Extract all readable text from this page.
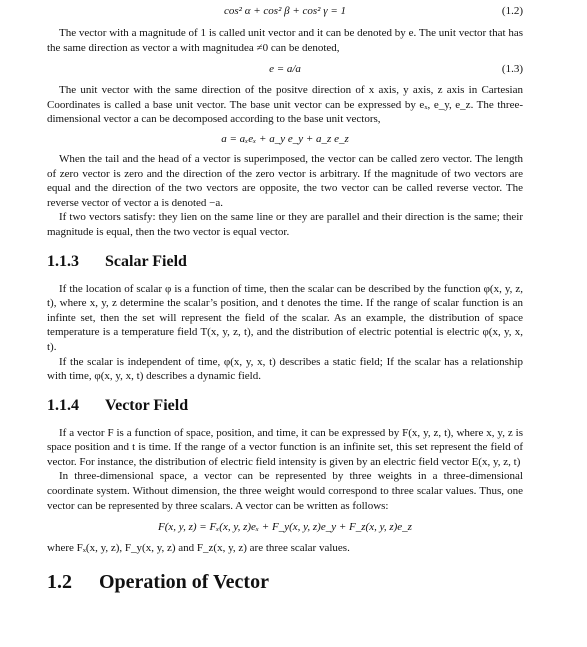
cos² α + cos² β + cos² γ = 1	(1.2)

The vector with a magnitude of 1 is called unit vector and it can be denoted by e. The unit vector that has the same direction as vector a with magnitudea ≠0 can be denoted,

e = a/a	(1.3)

The unit vector with the same direction of the positve direction of x axis, y axis, z axis in Cartesian Coordinates is called a base unit vector. The base unit vector can be expressed by eₓ, e_y, e_z. The three-dimensional vector a can be decomposed according to the base unit vectors,

a = aₓeₓ + a_y e_y + a_z e_z

When the tail and the head of a vector is superimposed, the vector can be called zero vector. The length of zero vector is zero and the direction of the zero vector is arbitrary. If the magnitude of two vectors are equal and the direction of the two vectors are opposite, the two vector can be called reverse vector. The reverse vector of vector a is denoted −a.

If two vectors satisfy: they lien on the same line or they are parallel and their direction is the same; their magnitude is equal, then the two vector is equal vector.

1.1.3 Scalar Field

If the location of scalar φ is a function of time, then the scalar can be described by the function φ(x, y, z, t), where x, y, z determine the scalar’s position, and t denotes the time. If the range of scalar function is an infinte set, then the set will represent the field of the scalar. As an example, the distribution of space temperature is a temperature field T(x, y, z, t), and the distribution of electric potential is electric φ(x, y, x, t).

If the scalar is independent of time, φ(x, y, x, t) describes a static field; If the scalar has a relationship with time, φ(x, y, x, t) describes a dynamic field.

1.1.4 Vector Field

If a vector F is a function of space, position, and time, it can be expressed by F(x, y, z, t), where x, y, z is space position and t is time. If the range of a vector function is an infinite set, this set represent the field of vector. For instance, the distribution of electric field intensity is given by an electric field vector E(x, y, z, t)

In three-dimensional space, a vector can be represented by three weights in a three-dimensional coordinate system. Without dimension, the three weight would correspond to three scalar values. Thus, one vector can be represented by three scalars. A vector can be written as follows:

F(x, y, z) = Fₓ(x, y, z)eₓ + F_y(x, y, z)e_y + F_z(x, y, z)e_z

where Fₓ(x, y, z), F_y(x, y, z) and F_z(x, y, z) are three scalar values.

1.2 Operation of Vector
